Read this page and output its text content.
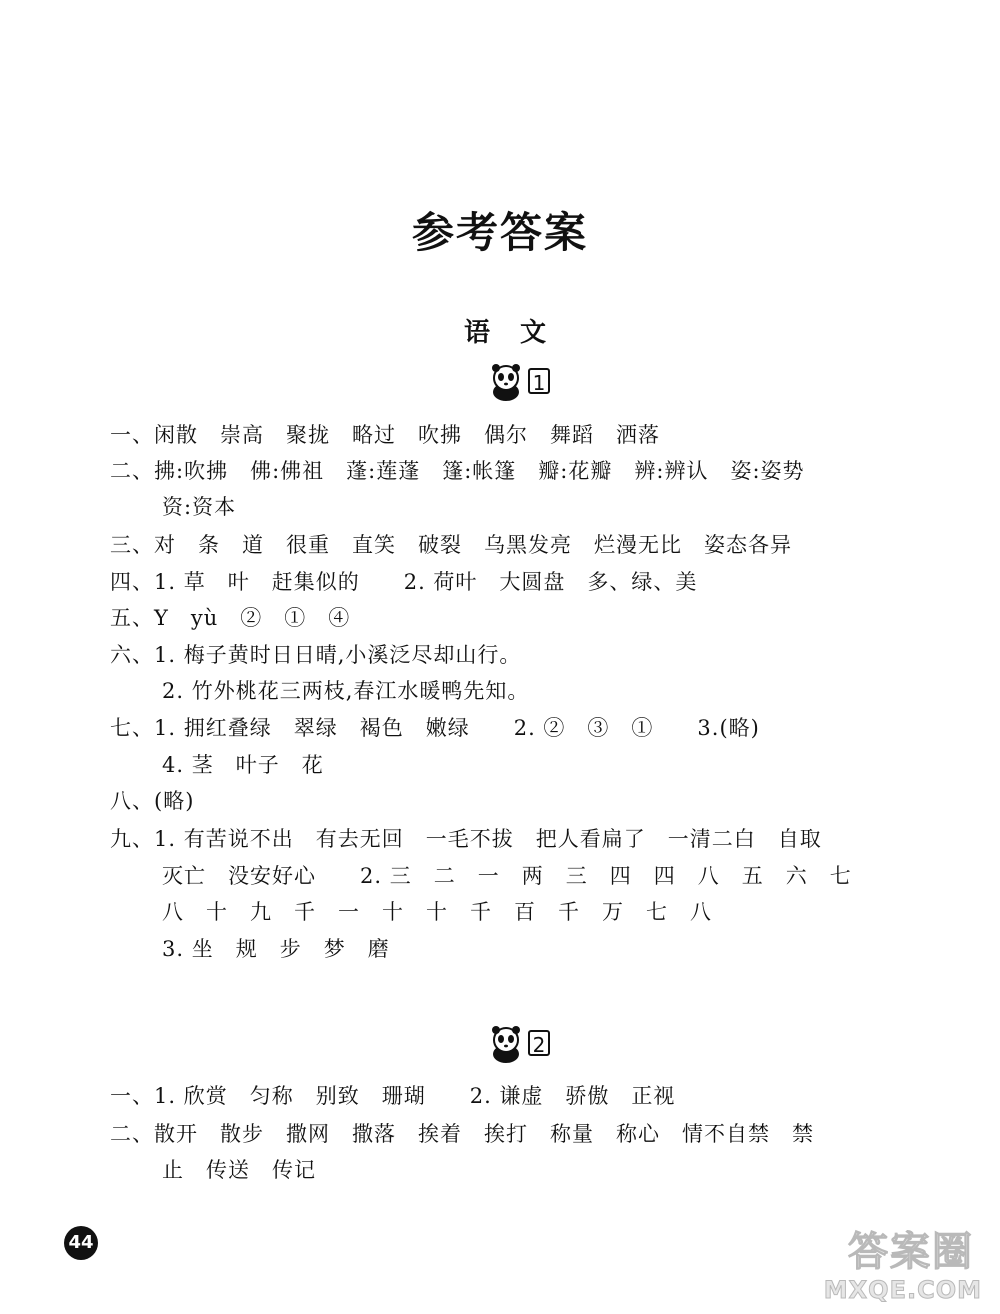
参考答案
语文
1
一、闲散　崇高　聚拢　略过　吹拂　偶尔　舞蹈　洒落
二、拂:吹拂　佛:佛祖　蓬:莲蓬　篷:帐篷　瓣:花瓣　辨:辨认　姿:姿势
资:资本
三、对　条　道　很重　直笑　破裂　乌黑发亮　烂漫无比　姿态各异
四、1. 草　叶　赶集似的　　2. 荷叶　大圆盘　多、绿、美
五、Y　yù　②　①　④
六、1. 梅子黄时日日晴,小溪泛尽却山行。
2. 竹外桃花三两枝,春江水暖鸭先知。
七、1. 拥红叠绿　翠绿　褐色　嫩绿　　2. ②　③　①　　3.(略)
4. 茎　叶子　花
八、(略)
九、1. 有苦说不出　有去无回　一毛不拔　把人看扁了　一清二白　自取
灭亡　没安好心　　2. 三　二　一　两　三　四　四　八　五　六　七
八　十　九　千　一　十　十　千　百　千　万　七　八
3. 坐　规　步　梦　磨
2
一、1. 欣赏　匀称　别致　珊瑚　　2. 谦虚　骄傲　正视
二、散开　散步　撒网　撒落　挨着　挨打　称量　称心　情不自禁　禁
止　传送　传记
44	答案圈
MXQE.COM
